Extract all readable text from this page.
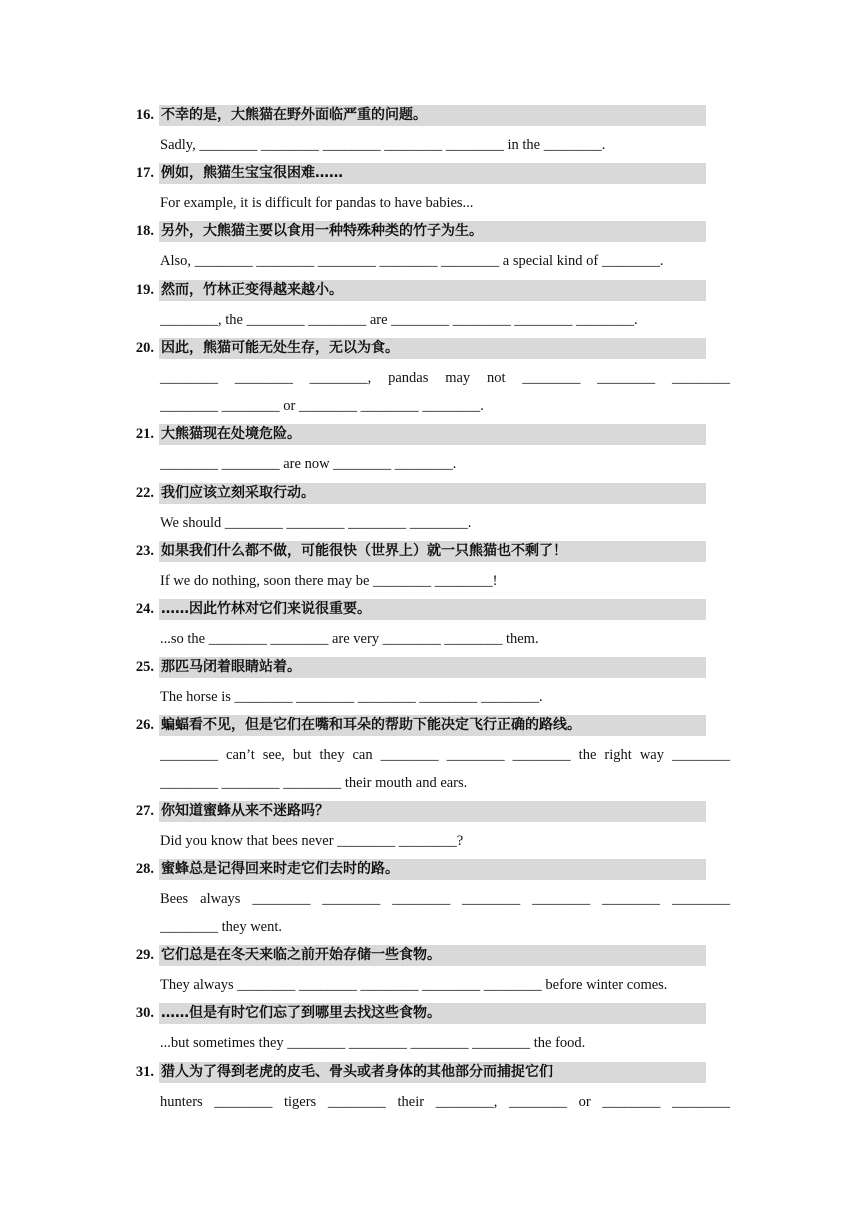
16. 不幸的是，大熊猫在野外面临严重的问题。
Sadly, ________ ________ ________ ________ ________ in the ________.
17. 例如，熊猫生宝宝很困难……
For example, it is difficult for pandas to have babies...
18. 另外，大熊猫主要以食用一种特殊种类的竹子为生。
Also, ________ ________ ________ ________ ________ a special kind of ________.
19. 然而，竹林正变得越来越小。
________, the ________ ________ are ________ ________ ________ ________.
20. 因此，熊猫可能无处生存，无以为食。
________ ________ ________, pandas may not ________ ________ ________
________ ________ or ________ ________ ________.
21. 大熊猫现在处境危险。
________ ________ are now ________ ________.
22. 我们应该立刻采取行动。
We should ________ ________ ________ ________.
23. 如果我们什么都不做，可能很快（世界上）就一只熊猫也不剩了！
If we do nothing, soon there may be ________ ________!
24. ……因此竹林对它们来说很重要。
...so the ________ ________ are very ________ ________ them.
25. 那匹马闭着眼睛站着。
The horse is ________ ________ ________ ________ ________.
26. 蝙蝠看不见，但是它们在嘴和耳朵的帮助下能决定飞行正确的路线。
________ can’t see, but they can ________ ________ ________ the right way ________
________ ________ ________ their mouth and ears.
27. 你知道蜜蜂从来不迷路吗？
Did you know that bees never ________ ________?
28. 蜜蜂总是记得回来时走它们去时的路。
Bees always ________ ________ ________ ________ ________ ________ ________
________ they went.
29. 它们总是在冬天来临之前开始存储一些食物。
They always ________ ________ ________ ________ ________ before winter comes.
30. ……但是有时它们忘了到哪里去找这些食物。
...but sometimes they ________ ________ ________ ________ the food.
31. 猎人为了得到老虎的皮毛、骨头或者身体的其他部分而捕捉它们
hunters ________ tigers ________ their ________, ________ or ________ ________
